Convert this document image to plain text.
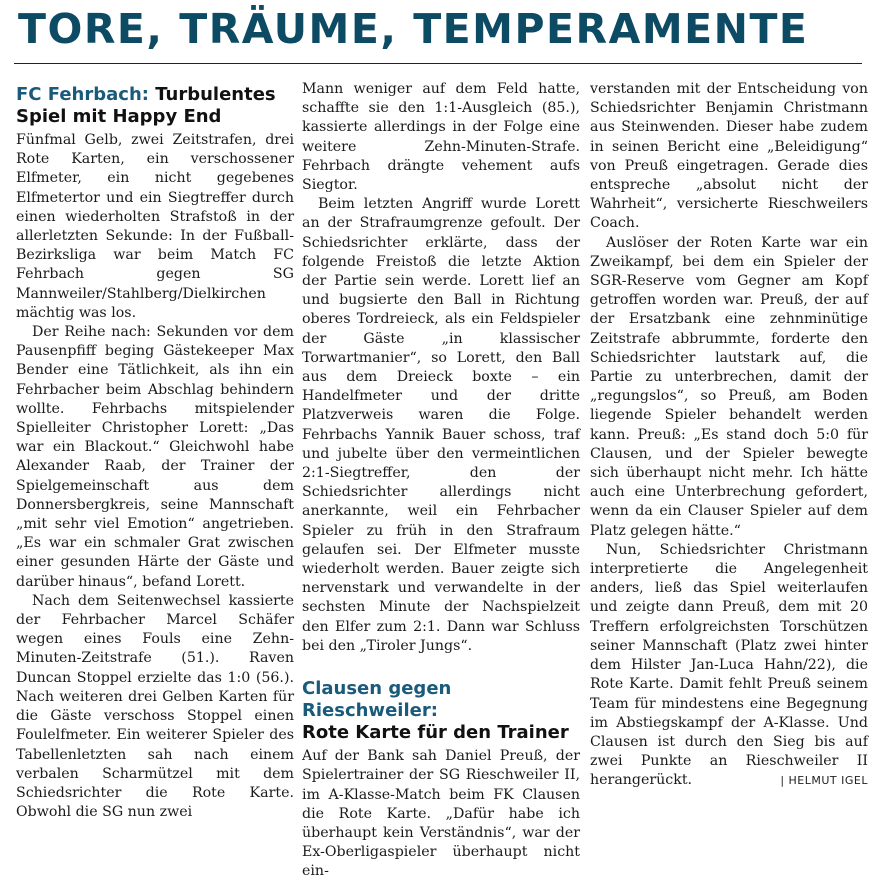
TORE, TRÄUME, TEMPERAMENTE
FC Fehrbach: Turbulentes
Spiel mit Happy End

Fünfmal Gelb, zwei Zeitstrafen, drei Rote Karten, ein verschossener Elfmeter, ein nicht gegebenes Elfmetertor und ein Siegtreffer durch einen wiederholten Strafstoß in der allerletzten Sekunde: In der Fußball-Bezirksliga war beim Match FC Fehrbach gegen SG Mannweiler/Stahlberg/Dielkirchen mächtig was los.

Der Reihe nach: Sekunden vor dem Pausenpfiff beging Gästekeeper Max Bender eine Tätlichkeit, als ihn ein Fehrbacher beim Abschlag behindern wollte. Fehrbachs mitspielender Spielleiter Christopher Lorett: „Das war ein Blackout.“ Gleichwohl habe Alexander Raab, der Trainer der Spielgemeinschaft aus dem Donnersbergkreis, seine Mannschaft „mit sehr viel Emotion“ angetrieben. „Es war ein schmaler Grat zwischen einer gesunden Härte der Gäste und darüber hinaus“, befand Lorett.

Nach dem Seitenwechsel kassierte der Fehrbacher Marcel Schäfer wegen eines Fouls eine Zehn-Minuten-Zeitstrafe (51.). Raven Duncan Stoppel erzielte das 1:0 (56.). Nach weiteren drei Gelben Karten für die Gäste verschoss Stoppel einen Foulelfmeter. Ein weiterer Spieler des Tabellenletzten sah nach einem verbalen Scharmützel mit dem Schiedsrichter die Rote Karte. Obwohl die SG nun zwei

Mann weniger auf dem Feld hatte, schaffte sie den 1:1-Ausgleich (85.), kassierte allerdings in der Folge eine weitere Zehn-Minuten-Strafe. Fehrbach drängte vehement aufs Siegtor.

Beim letzten Angriff wurde Lorett an der Strafraumgrenze gefoult. Der Schiedsrichter erklärte, dass der folgende Freistoß die letzte Aktion der Partie sein werde. Lorett lief an und bugsierte den Ball in Richtung oberes Tordreieck, als ein Feldspieler der Gäste „in klassischer Torwartmanier“, so Lorett, den Ball aus dem Dreieck boxte – ein Handelfmeter und der dritte Platzverweis waren die Folge. Fehrbachs Yannik Bauer schoss, traf und jubelte über den vermeintlichen 2:1-Siegtreffer, den der Schiedsrichter allerdings nicht anerkannte, weil ein Fehrbacher Spieler zu früh in den Strafraum gelaufen sei. Der Elfmeter musste wiederholt werden. Bauer zeigte sich nervenstark und verwandelte in der sechsten Minute der Nachspielzeit den Elfer zum 2:1. Dann war Schluss bei den „Tiroler Jungs“.

Clausen gegen Rieschweiler:
Rote Karte für den Trainer

Auf der Bank sah Daniel Preuß, der Spielertrainer der SG Rieschweiler II, im A-Klasse-Match beim FK Clausen die Rote Karte. „Dafür habe ich überhaupt kein Verständnis“, war der Ex-Oberligaspieler überhaupt nicht ein-

verstanden mit der Entscheidung von Schiedsrichter Benjamin Christmann aus Steinwenden. Dieser habe zudem in seinen Bericht eine „Beleidigung“ von Preuß eingetragen. Gerade dies entspreche „absolut nicht der Wahrheit“, versicherte Rieschweilers Coach.

Auslöser der Roten Karte war ein Zweikampf, bei dem ein Spieler der SGR-Reserve vom Gegner am Kopf getroffen worden war. Preuß, der auf der Ersatzbank eine zehnminütige Zeitstrafe abbrummte, forderte den Schiedsrichter lautstark auf, die Partie zu unterbrechen, damit der „regungslos“, so Preuß, am Boden liegende Spieler behandelt werden kann. Preuß: „Es stand doch 5:0 für Clausen, und der Spieler bewegte sich überhaupt nicht mehr. Ich hätte auch eine Unterbrechung gefordert, wenn da ein Clauser Spieler auf dem Platz gelegen hätte.“

Nun, Schiedsrichter Christmann interpretierte die Angelegenheit anders, ließ das Spiel weiterlaufen und zeigte dann Preuß, dem mit 20 Treffern erfolgreichsten Torschützen seiner Mannschaft (Platz zwei hinter dem Hilster Jan-Luca Hahn/22), die Rote Karte. Damit fehlt Preuß seinem Team für mindestens eine Begegnung im Abstiegskampf der A-Klasse. Und Clausen ist durch den Sieg bis auf zwei Punkte an Rieschweiler II herangerückt.	| HELMUT IGEL
